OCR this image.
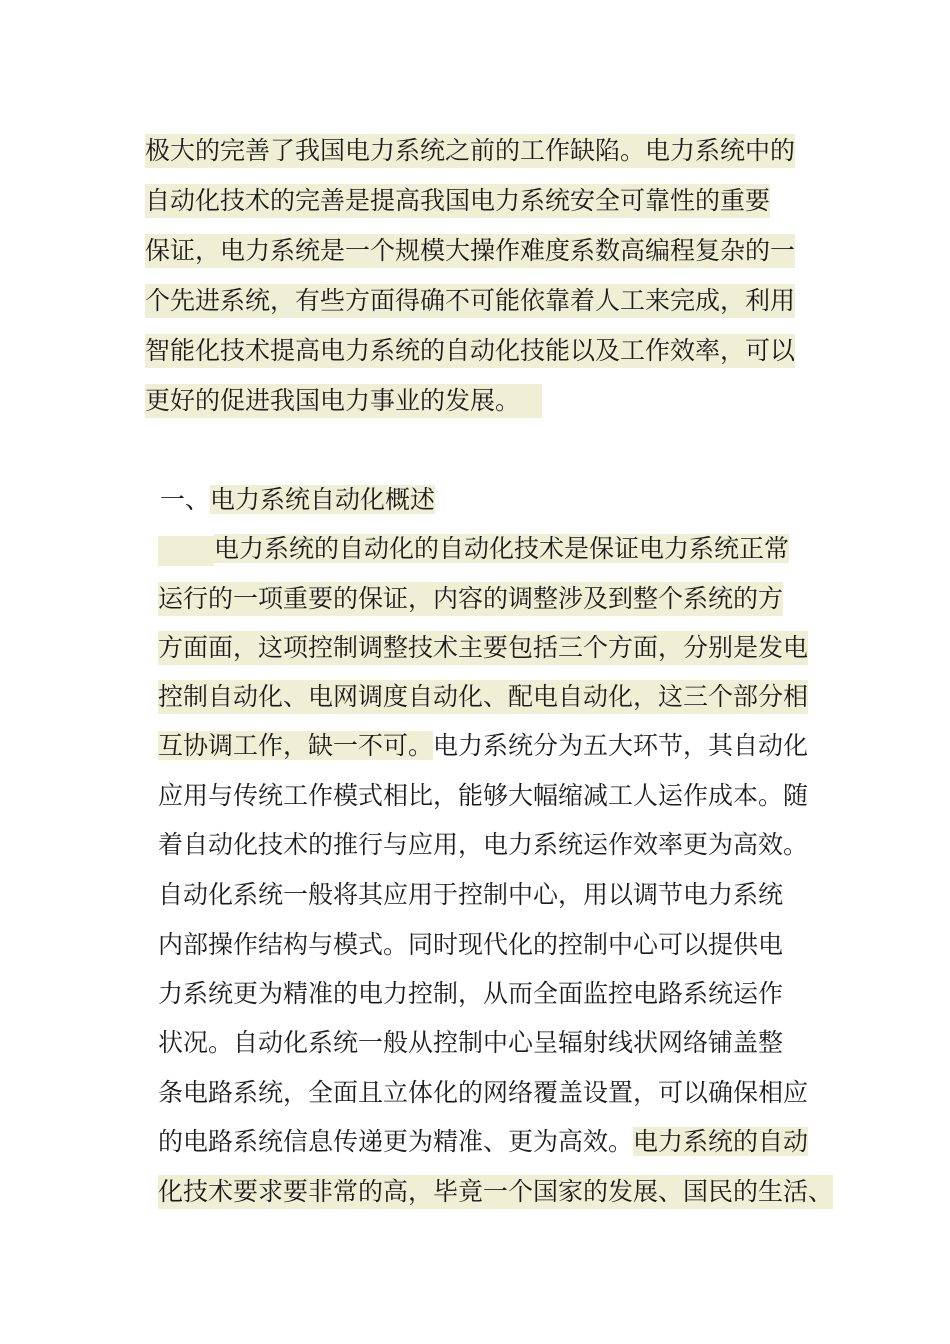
极大的完善了我国电力系统之前的工作缺陷。电力系统中的
自动化技术的完善是提高我国电力系统安全可靠性的重要
保证，电力系统是一个规模大操作难度系数高编程复杂的一
个先进系统，有些方面得确不可能依靠着人工来完成，利用
智能化技术提高电力系统的自动化技能以及工作效率，可以
更好的促进我国电力事业的发展。
一、电力系统自动化概述
电力系统的自动化的自动化技术是保证电力系统正常
运行的一项重要的保证，内容的调整涉及到整个系统的方
方面面，这项控制调整技术主要包括三个方面，分别是发电
控制自动化、电网调度自动化、配电自动化，这三个部分相
互协调工作，缺一不可。电力系统分为五大环节，其自动化
应用与传统工作模式相比，能够大幅缩减工人运作成本。随
着自动化技术的推行与应用，电力系统运作效率更为高效。
自动化系统一般将其应用于控制中心，用以调节电力系统
内部操作结构与模式。同时现代化的控制中心可以提供电
力系统更为精准的电力控制，从而全面监控电路系统运作
状况。自动化系统一般从控制中心呈辐射线状网络铺盖整
条电路系统，全面且立体化的网络覆盖设置，可以确保相应
的电路系统信息传递更为精准、更为高效。电力系统的自动
化技术要求要非常的高，毕竟一个国家的发展、国民的生活、
